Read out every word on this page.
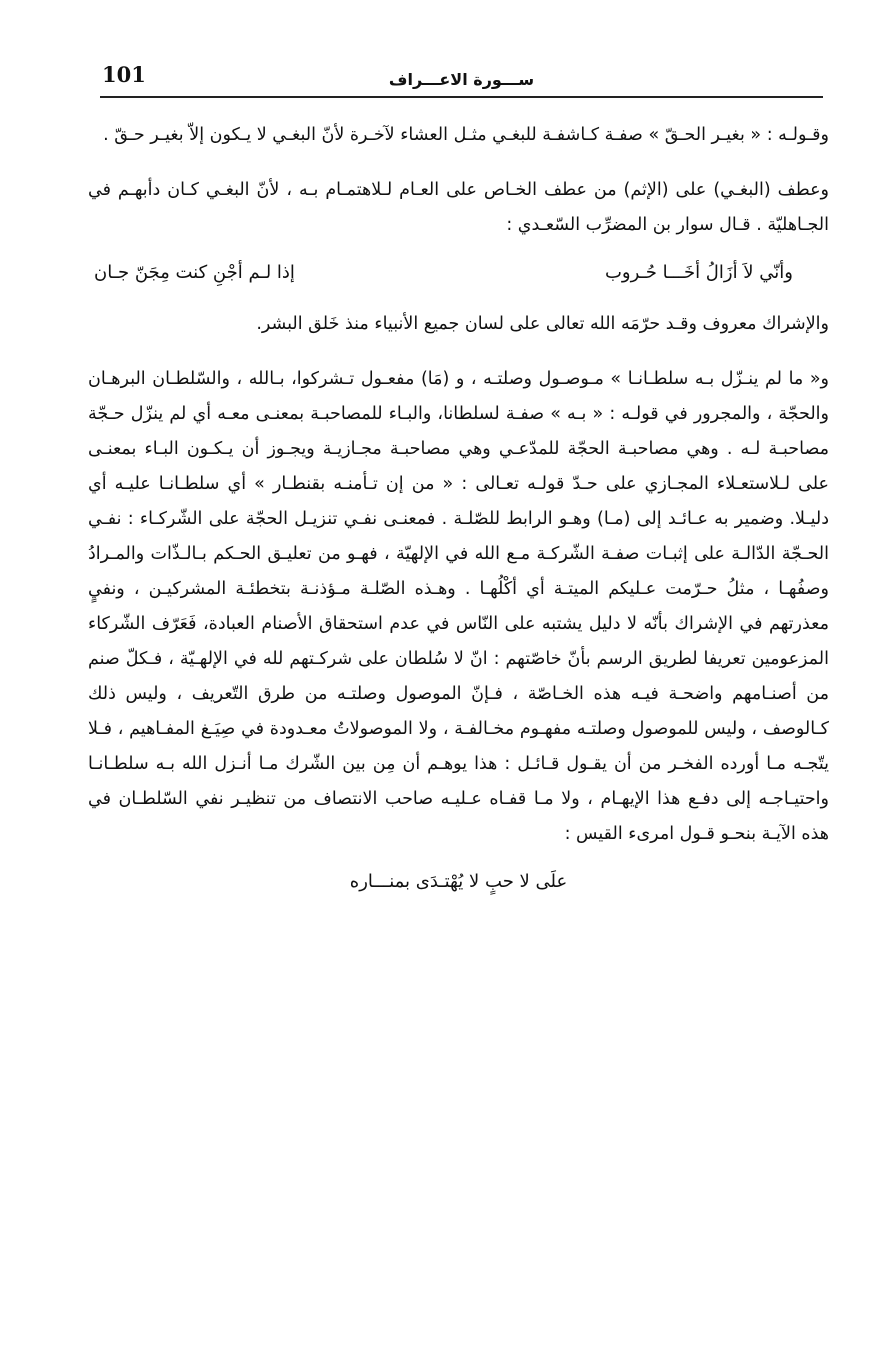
101	ســـورة الاعـــراف

وقـولـه : « بغيـر الحـقّ » صفـة كـاشفـة للبغـي مثـل العشاء لآخـرة لأنّ البغـي لا يـكون إلاّ بغيـر حـقّ .

وعطف (البغـي) على (الإثم) من عطف الخـاص على العـام لـلاهتمـام بـه ، لأنّ البغـي كـان دأبهـم في الجـاهليّة . قـال سوار بن المضرِّب السّعـدي :

وأنّي لاَ أزَالُ أخَـــا حُـروب
إذا لـم أجْنِ كنت مِجَنّ جـان

والإشراك معروف وقـد حرّمَه الله تعالى على لسان جميع الأنبياء منذ خَلق البشر.

و« ما لم ينـزّل بـه سلطـانـا » مـوصـول وصلتـه ، و (مَا) مفعـول تـشركوا، بـالله ، والسّلطـان البرهـان والحجّة ، والمجرور في قولـه : « بـه » صفـة لسلطانا، والبـاء للمصاحبـة بمعنـى معـه أي لم ينزّل حـجّة مصاحبـة لـه . وهي مصاحبـة الحجّة للمدّعـي وهي مصاحبـة مجـازيـة ويجـوز أن يـكـون البـاء بمعنـى على لـلاستعـلاء المجـازي على حـدّ قولـه تعـالى : « من إن تـأمنـه بقنطـار » أي سلطـانـا عليـه أي دليـلا. وضمير به عـائـد إلى (مـا) وهـو الرابط للصّلـة . فمعنـى نفـي تنزيـل الحجّة على الشّركـاء : نفـي الحـجّة الدّالـة على إثبـات صفـة الشّركـة مـع الله في الإلهيّة ، فهـو من تعليـق الحـكم بـالـذّات والمـرادُ وصفُهـا ، مثلُ حـرّمت عـليكم الميتـة أي أكْلُهـا . وهـذه الصّلـة مـؤذنـة بتخطئـة المشركيـن ، ونفيٍ معذرتهم في الإشراك بأنّه لا دليل يشتبه على النّاس في عدم استحقاق الأصنام العبادة، فَعَرّف الشّركاء المزعومين تعريفا لطريق الرسم بأنّ خاصّتهم : انّ لا سُلطان على شركـتهم لله في الإلهـيّة ، فـكلّ صنم من أصنـامهم واضحـة فيـه هذه الخـاصّة ، فـإنّ الموصول وصلتـه من طرق التّعريف ، وليس ذلك كـالوصف ، وليس للموصول وصلتـه مفهـوم مخـالفـة ، ولا الموصولاتُ معـدودة في صِيَـغ المفـاهيم ، فـلا يتّجـه مـا أورده الفخـر من أن يقـول قـائـل : هذا يوهـم أن مِن بين الشّرك مـا أنـزل الله بـه سلطـانـا واحتيـاجـه إلى دفـع هذا الإيهـام ، ولا مـا قفـاه عـليـه صاحب الانتصاف من تنظيـر نفي السّلطـان في هذه الآيـة بنحـو قـول امرىء القيس :

علَى لا حبٍ لا يُهْتـدَى بمنـــاره
